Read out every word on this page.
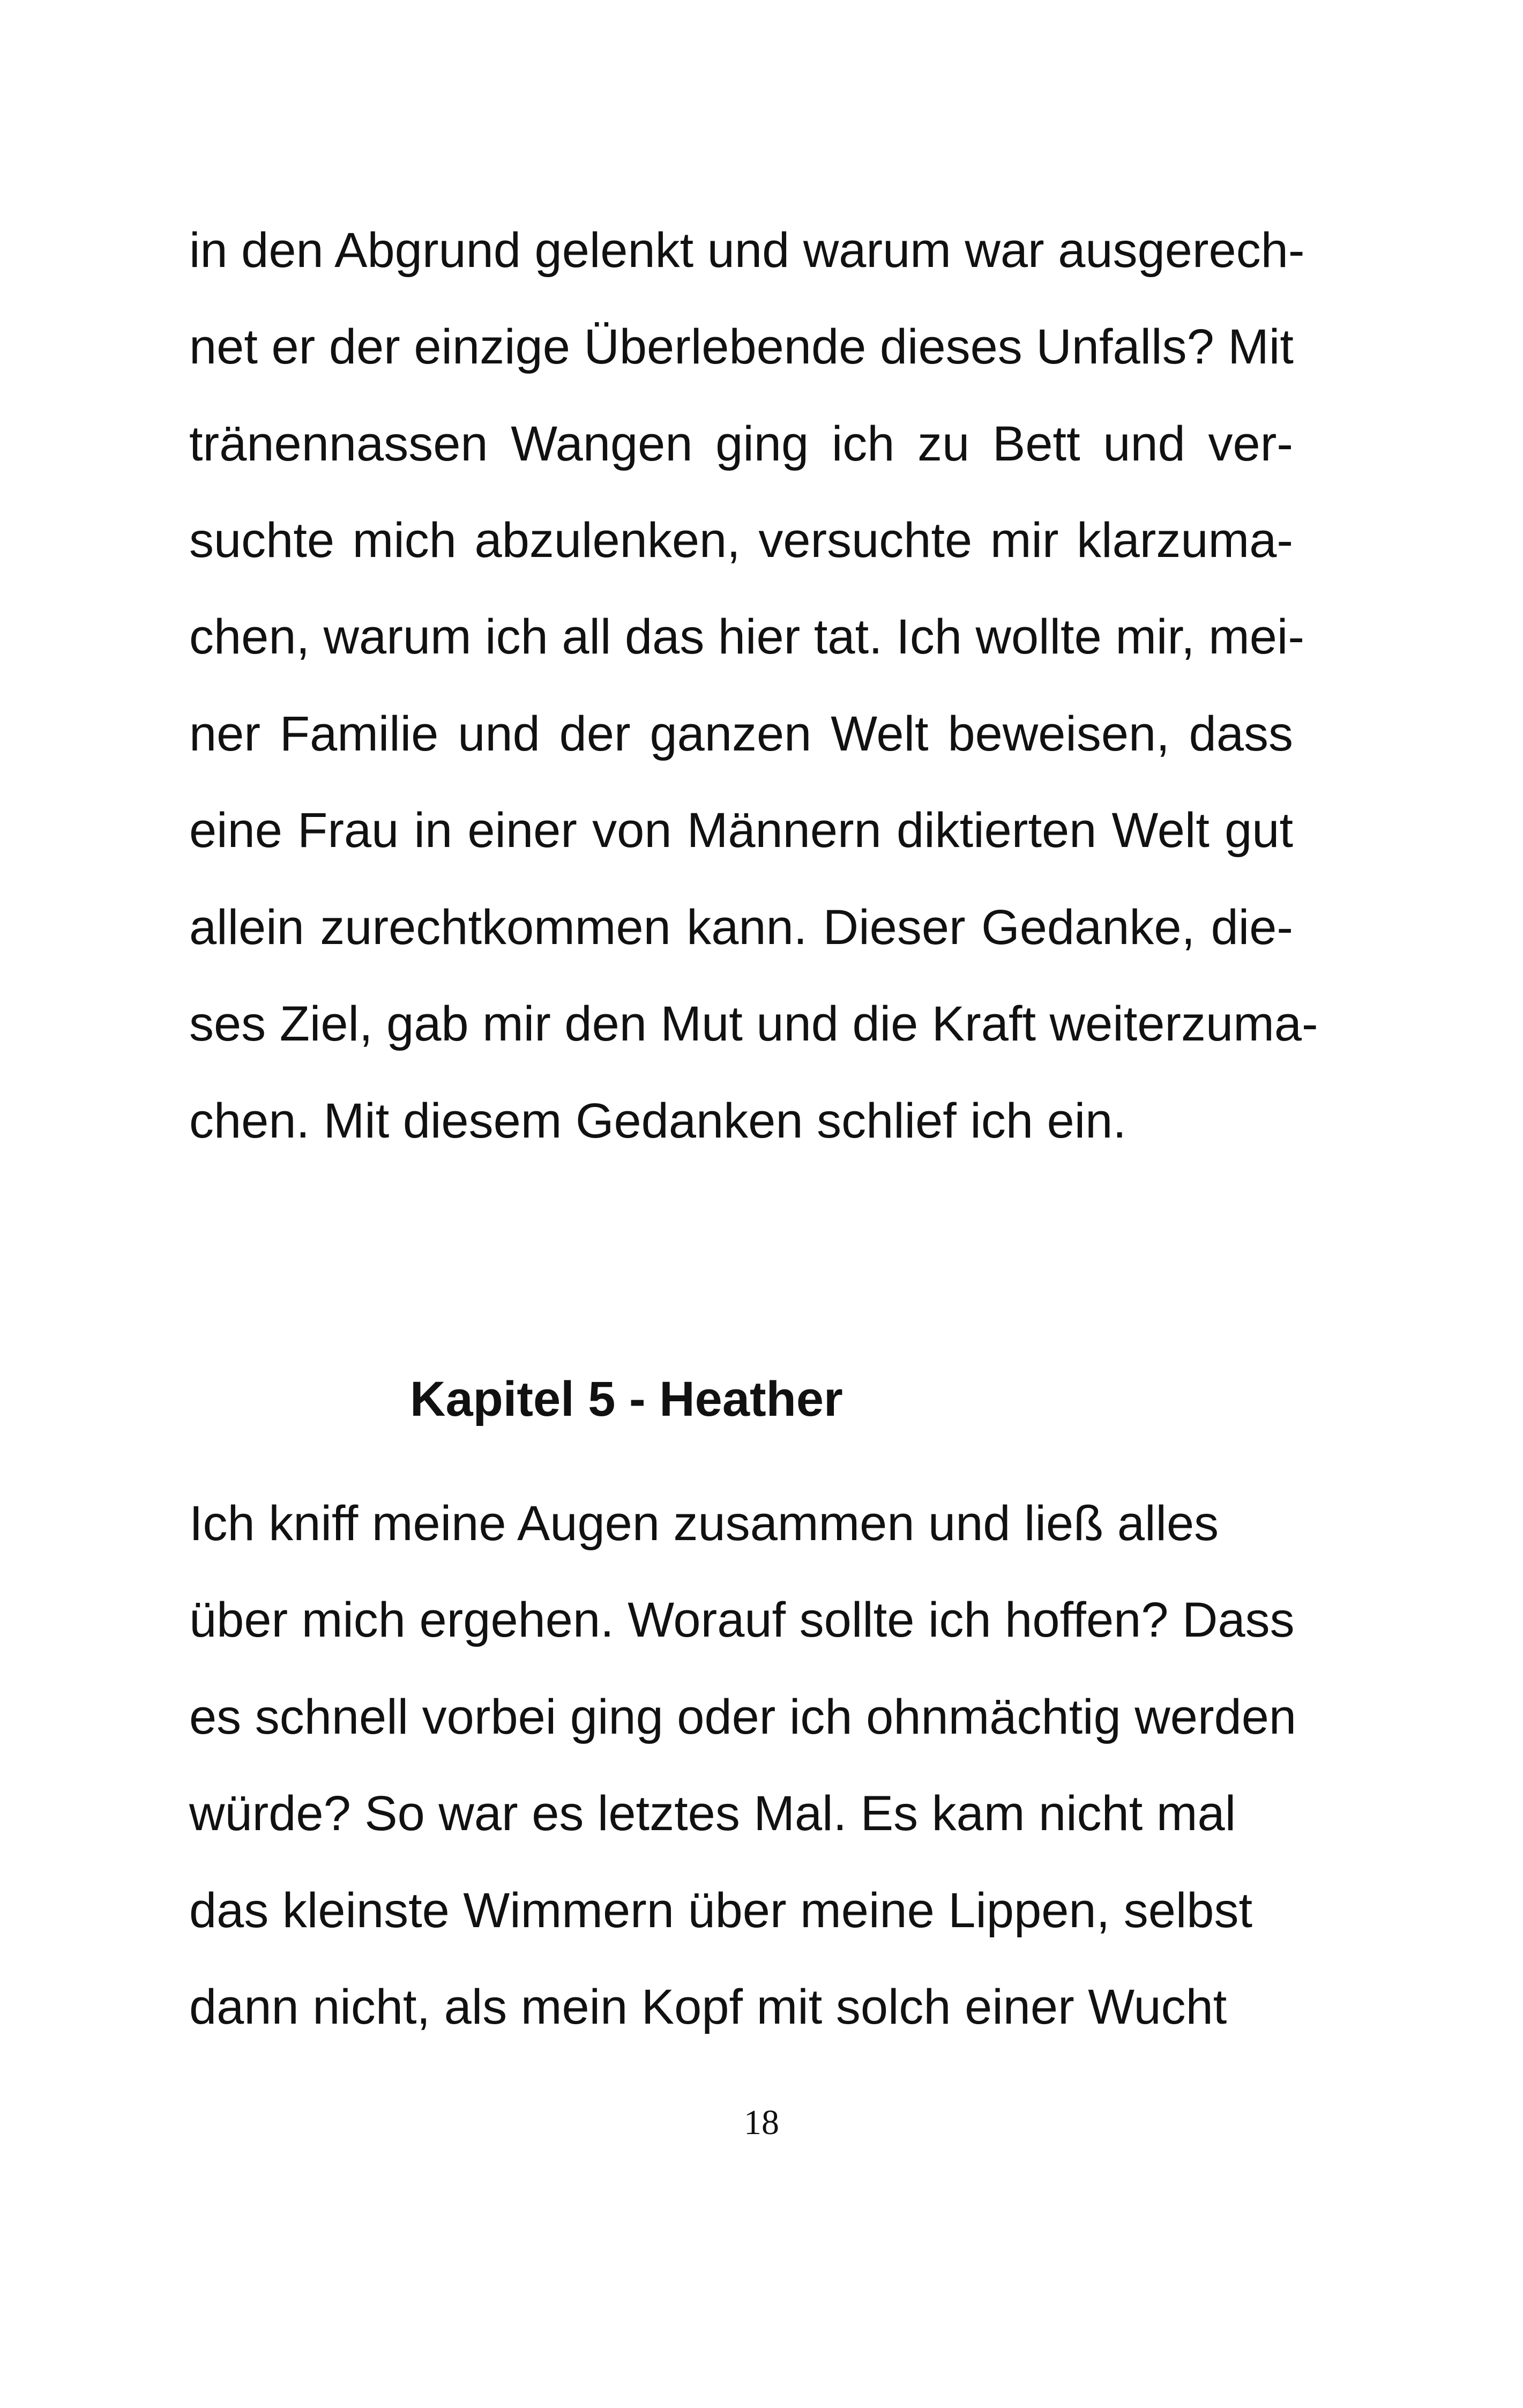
in den Abgrund gelenkt und warum war ausgerech-

net er der einzige Überlebende dieses Unfalls? Mit

tränennassen Wangen ging ich zu Bett und ver-

suchte mich abzulenken, versuchte mir klarzuma-

chen, warum ich all das hier tat. Ich wollte mir, mei-

ner Familie und der ganzen Welt beweisen, dass

eine Frau in einer von Männern diktierten Welt gut

allein zurechtkommen kann. Dieser Gedanke, die-

ses Ziel, gab mir den Mut und die Kraft weiterzuma-

chen. Mit diesem Gedanken schlief ich ein.

Kapitel 5 - Heather

Ich kniff meine Augen zusammen und ließ alles

über mich ergehen. Worauf sollte ich hoffen? Dass

es schnell vorbei ging oder ich ohnmächtig werden

würde? So war es letztes Mal. Es kam nicht mal

das kleinste Wimmern über meine Lippen, selbst

dann nicht, als mein Kopf mit solch einer Wucht

18
